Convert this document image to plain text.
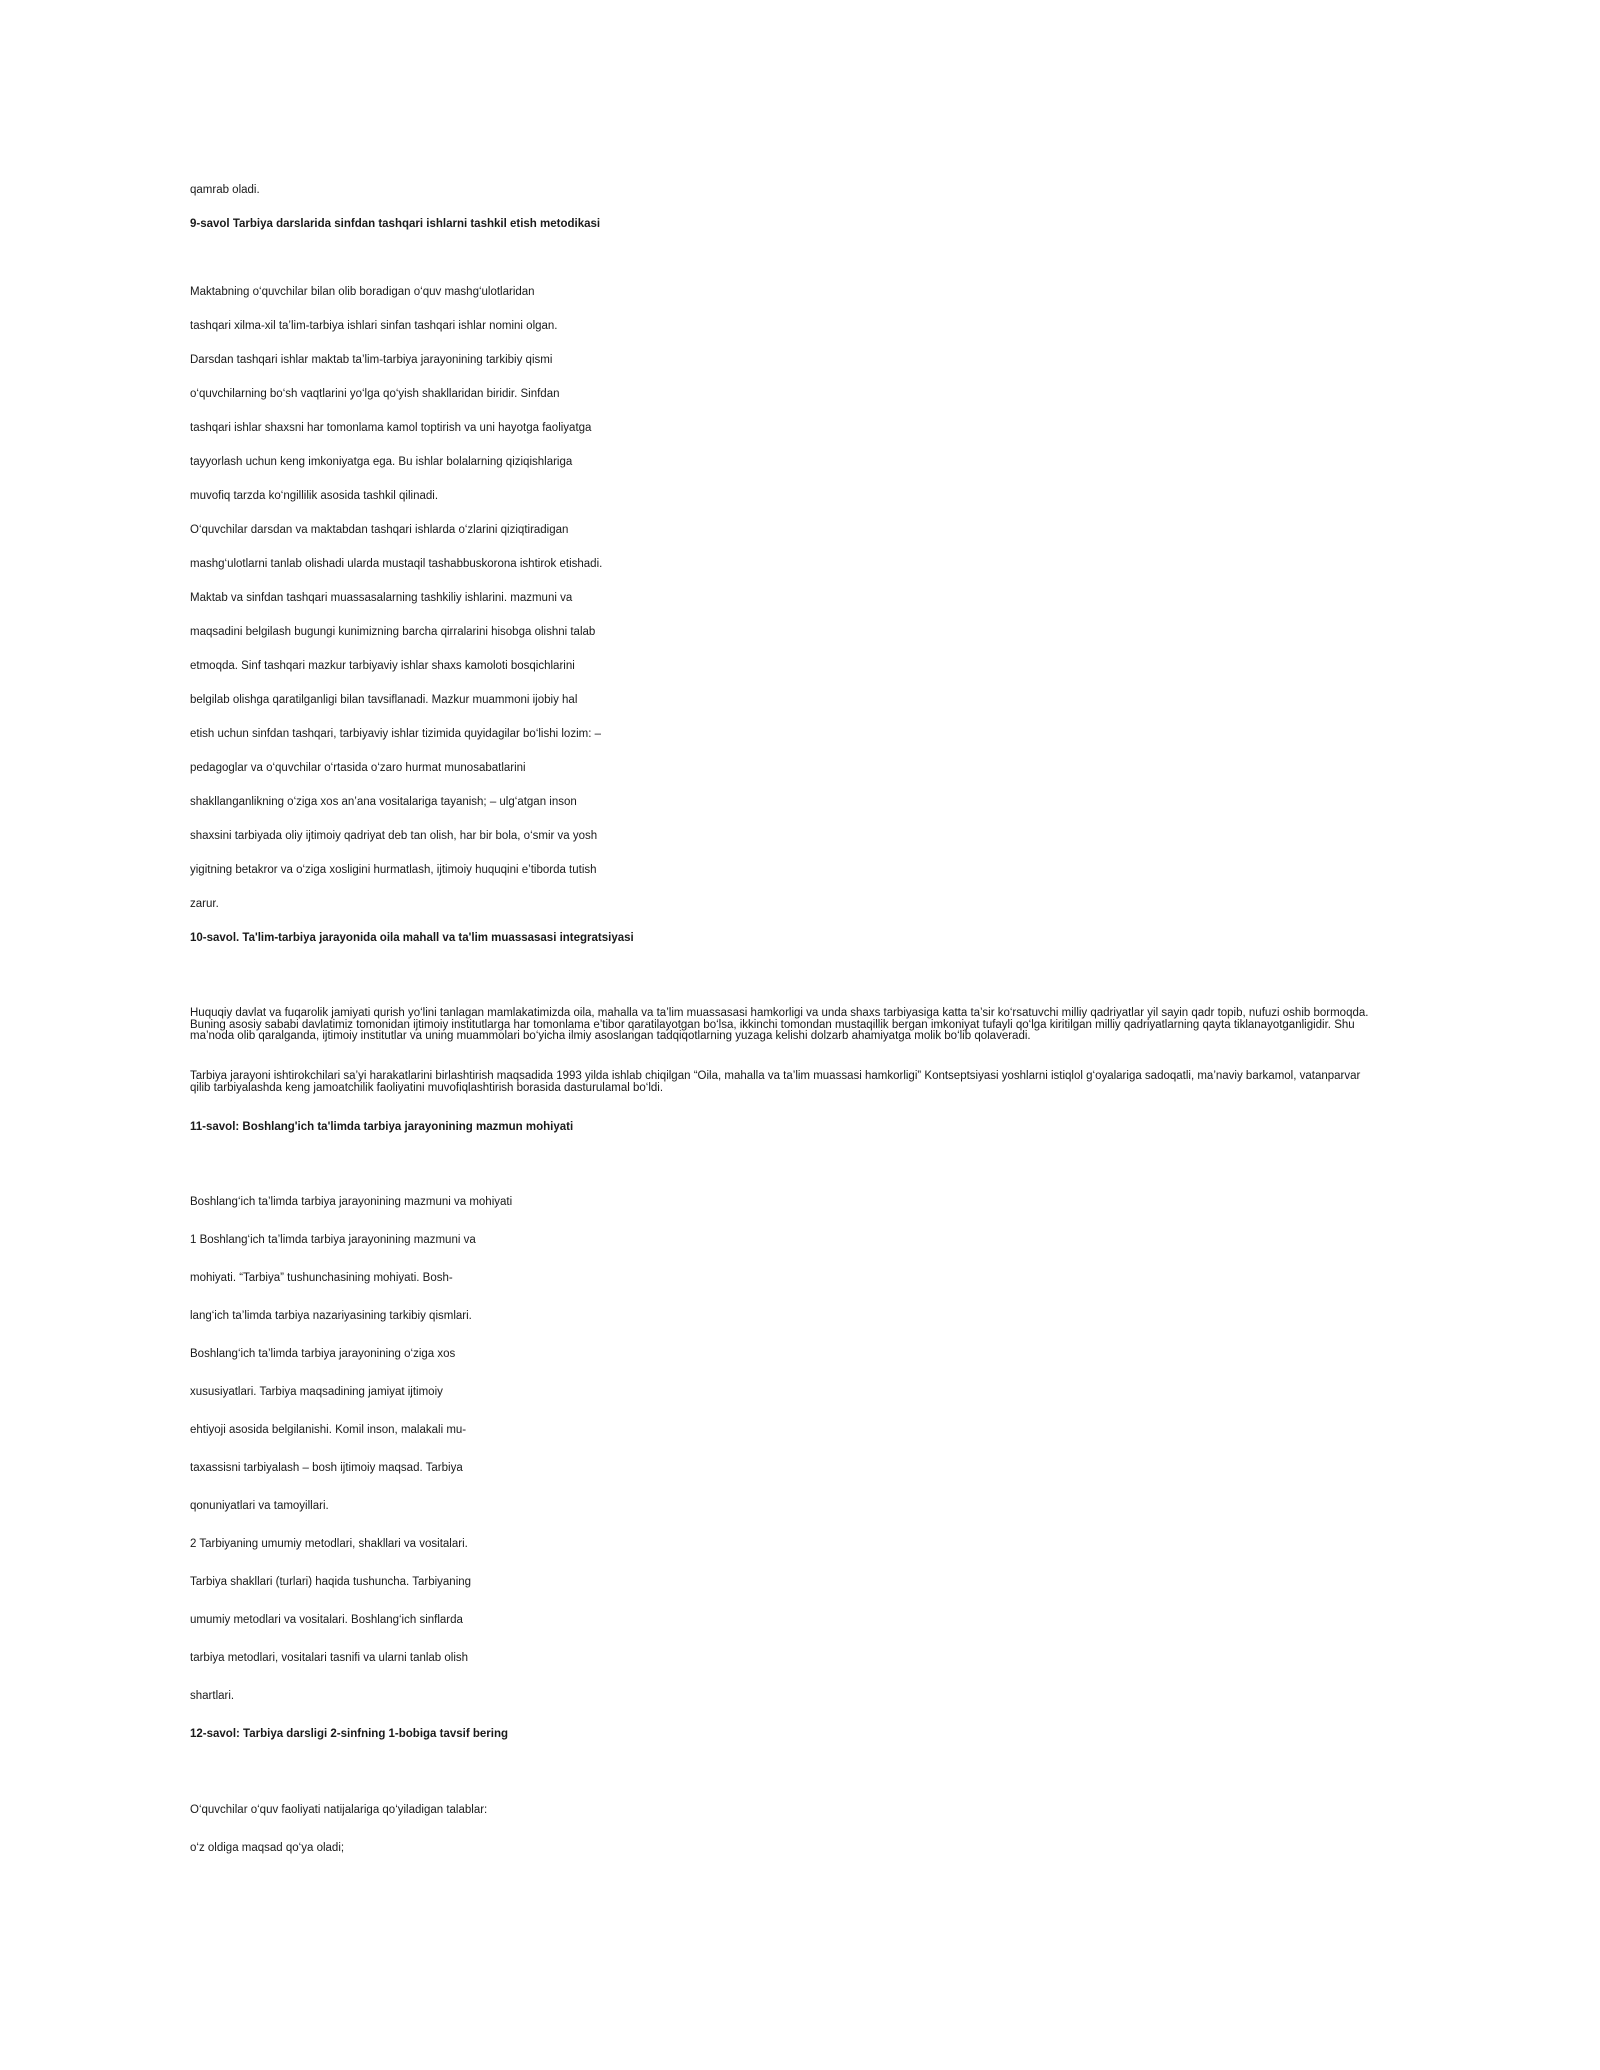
qamrab oladi.
9-savol Tarbiya darslarida sinfdan tashqari ishlarni tashkil etish metodikasi
Maktabning o‘quvchilar bilan olib boradigan o‘quv mashg‘ulotlaridan
tashqari xilma-xil ta’lim-tarbiya ishlari sinfan tashqari ishlar nomini olgan.
Darsdan tashqari ishlar maktab ta’lim-tarbiya jarayonining tarkibiy qismi
o‘quvchilarning bo‘sh vaqtlarini yo‘lga qo‘yish shakllaridan biridir. Sinfdan
tashqari ishlar shaxsni har tomonlama kamol toptirish va uni hayotga faoliyatga
tayyorlash uchun keng imkoniyatga ega. Bu ishlar bolalarning qiziqishlariga
muvofiq tarzda ko‘ngillilik asosida tashkil qilinadi.
O‘quvchilar darsdan va maktabdan tashqari ishlarda o‘zlarini qiziqtiradigan
mashg‘ulotlarni tanlab olishadi ularda mustaqil tashabbuskorona ishtirok etishadi.
Maktab va sinfdan tashqari muassasalarning tashkiliy ishlarini. mazmuni va
maqsadini belgilash bugungi kunimizning barcha qirralarini hisobga olishni talab
etmoqda. Sinf tashqari mazkur tarbiyaviy ishlar shaxs kamoloti bosqichlarini
belgilab olishga qaratilganligi bilan tavsiflanadi. Mazkur muammoni ijobiy hal
etish uchun sinfdan tashqari, tarbiyaviy ishlar tizimida quyidagilar bo‘lishi lozim: –
pedagoglar va o‘quvchilar o‘rtasida o‘zaro hurmat munosabatlarini
shakllanganlikning o‘ziga xos an’ana vositalariga tayanish; – ulg‘atgan inson
shaxsini tarbiyada oliy ijtimoiy qadriyat deb tan olish, har bir bola, o‘smir va yosh
yigitning betakror va o‘ziga xosligini hurmatlash, ijtimoiy huquqini e’tiborda tutish
zarur.
10-savol. Ta'lim-tarbiya jarayonida oila mahall va ta'lim muassasasi integratsiyasi
Huquqiy davlat va fuqarolik jamiyati qurish yo‘lini tanlagan mamlakatimizda oila, mahalla va ta’lim muassasasi hamkorligi va unda shaxs tarbiyasiga katta ta’sir ko‘rsatuvchi milliy qadriyatlar yil sayin qadr topib, nufuzi oshib bormoqda. Buning asosiy sababi davlatimiz tomonidan ijtimoiy institutlarga har tomonlama e’tibor qaratilayotgan bo‘lsa, ikkinchi tomondan mustaqillik bergan imkoniyat tufayli qo‘lga kiritilgan milliy qadriyatlarning qayta tiklanayotganligidir. Shu ma’noda olib qaralganda, ijtimoiy institutlar va uning muammolari bo‘yicha ilmiy asoslangan tadqiqotlarning yuzaga kelishi dolzarb ahamiyatga molik bo‘lib qolaveradi.
Tarbiya jarayoni ishtirokchilari sa’yi harakatlarini birlashtirish maqsadida 1993 yilda ishlab chiqilgan “Oila, mahalla va ta’lim muassasi hamkorligi” Kontseptsiyasi yoshlarni istiqlol g‘oyalariga sadoqatli, ma’naviy barkamol, vatanparvar qilib tarbiyalashda keng jamoatchilik faoliyatini muvofiqlashtirish borasida dasturulamal bo‘ldi.
11-savol: Boshlang'ich ta'limda tarbiya jarayonining mazmun mohiyati
Boshlang‘ich ta’limda tarbiya jarayonining mazmuni va mohiyati
1 Boshlang‘ich ta’limda tarbiya jarayonining mazmuni va
mohiyati. “Tarbiya” tushunchasining mohiyati. Bosh-
lang‘ich ta’limda tarbiya nazariyasining tarkibiy qismlari.
Boshlang‘ich ta’limda tarbiya jarayonining o‘ziga xos
xususiyatlari. Tarbiya maqsadining jamiyat ijtimoiy
ehtiyoji asosida belgilanishi. Komil inson, malakali mu-
taxassisni tarbiyalash – bosh ijtimoiy maqsad. Tarbiya
qonuniyatlari va tamoyillari.
2 Tarbiyaning umumiy metodlari, shakllari va vositalari.
Tarbiya shakllari (turlari) haqida tushuncha. Tarbiyaning
umumiy metodlari va vositalari. Boshlang‘ich sinflarda
tarbiya metodlari, vositalari tasnifi va ularni tanlab olish
shartlari.
12-savol: Tarbiya darsligi 2-sinfning 1-bobiga tavsif bering
O‘quvchilar o‘quv faoliyati natijalariga qo‘yiladigan talablar:
o‘z oldiga maqsad qo‘ya oladi;
